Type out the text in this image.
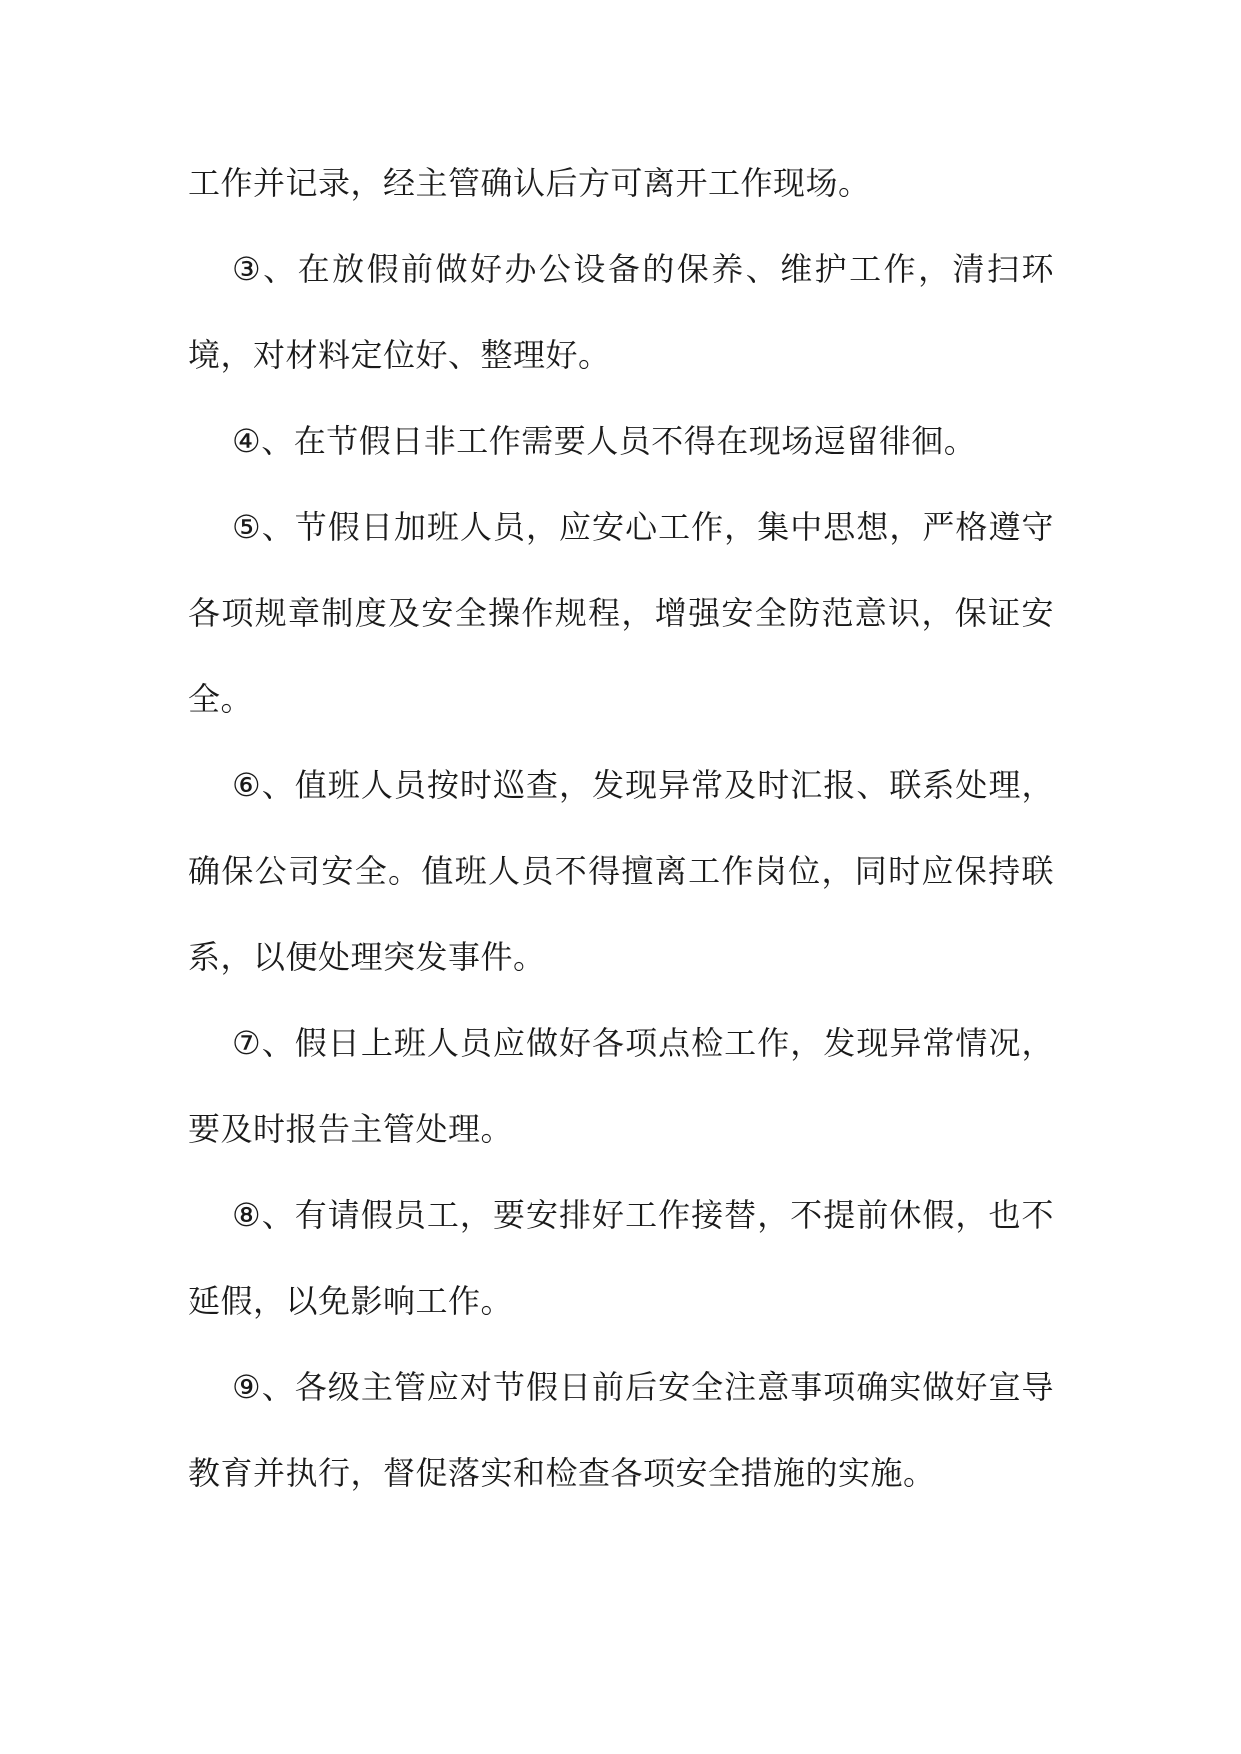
工作并记录，经主管确认后方可离开工作现场。

③、在放假前做好办公设备的保养、维护工作，清扫环境，对材料定位好、整理好。

④、在节假日非工作需要人员不得在现场逗留徘徊。

⑤、节假日加班人员，应安心工作，集中思想，严格遵守各项规章制度及安全操作规程，增强安全防范意识，保证安全。

⑥、值班人员按时巡查，发现异常及时汇报、联系处理，确保公司安全。值班人员不得擅离工作岗位，同时应保持联系，以便处理突发事件。

⑦、假日上班人员应做好各项点检工作，发现异常情况，要及时报告主管处理。

⑧、有请假员工，要安排好工作接替，不提前休假，也不延假，以免影响工作。

⑨、各级主管应对节假日前后安全注意事项确实做好宣导教育并执行，督促落实和检查各项安全措施的实施。
